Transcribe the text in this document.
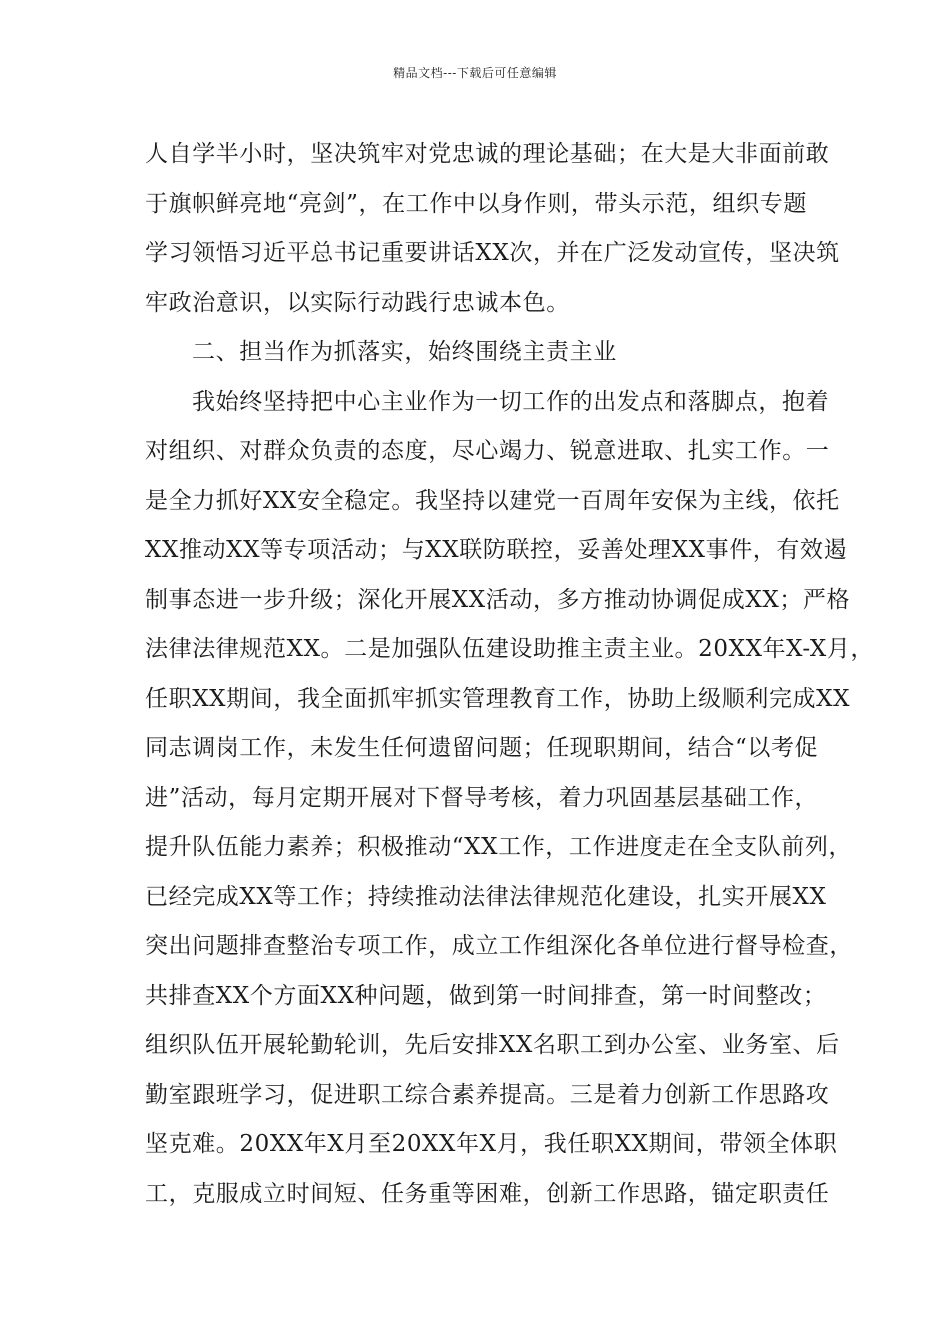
精品文档---下载后可任意编辑

人自学半小时，坚决筑牢对党忠诚的理论基础；在大是大非面前敢
于旗帜鲜亮地“亮剑”，在工作中以身作则，带头示范，组织专题
学习领悟习近平总书记重要讲话XX次，并在广泛发动宣传，坚决筑
牢政治意识，以实际行动践行忠诚本色。

二、担当作为抓落实，始终围绕主责主业

我始终坚持把中心主业作为一切工作的出发点和落脚点，抱着
对组织、对群众负责的态度，尽心竭力、锐意进取、扎实工作。一
是全力抓好XX安全稳定。我坚持以建党一百周年安保为主线，依托
XX推动XX等专项活动；与XX联防联控，妥善处理XX事件，有效遏
制事态进一步升级；深化开展XX活动，多方推动协调促成XX；严格
法律法律规范XX。二是加强队伍建设助推主责主业。20XX年X-X月，
任职XX期间，我全面抓牢抓实管理教育工作，协助上级顺利完成XX
同志调岗工作，未发生任何遗留问题；任现职期间，结合“以考促
进”活动，每月定期开展对下督导考核，着力巩固基层基础工作，
提升队伍能力素养；积极推动“XX工作，工作进度走在全支队前列，
已经完成XX等工作；持续推动法律法律规范化建设，扎实开展XX
突出问题排查整治专项工作，成立工作组深化各单位进行督导检查，
共排查XX个方面XX种问题，做到第一时间排查，第一时间整改；
组织队伍开展轮勤轮训，先后安排XX名职工到办公室、业务室、后
勤室跟班学习，促进职工综合素养提高。三是着力创新工作思路攻
坚克难。20XX年X月至20XX年X月，我任职XX期间，带领全体职
工，克服成立时间短、任务重等困难，创新工作思路，锚定职责任
